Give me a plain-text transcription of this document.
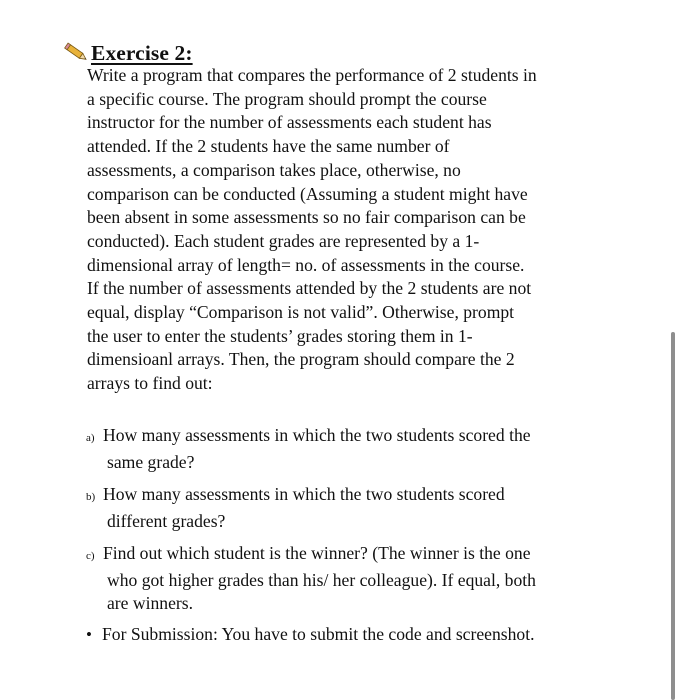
Exercise 2:
Write a program that compares the performance of 2 students in
a specific course. The program should prompt the course
instructor for the number of assessments each student has
attended. If the 2 students have the same number of
assessments, a comparison takes place, otherwise, no
comparison can be conducted (Assuming a student might have
been absent in some assessments so no fair comparison can be
conducted). Each student grades are represented by a 1-
dimensional array of length= no. of assessments in the course.
If the number of assessments attended by the 2 students are not
equal, display “Comparison is not valid”. Otherwise, prompt
the user to enter the students’ grades storing them in 1-
dimensioanl arrays. Then, the program should compare the 2
arrays to find out:
a) How many assessments in which the two students scored the
same grade?
b) How many assessments in which the two students scored
different grades?
c) Find out which student is the winner? (The winner is the one
who got higher grades than his/ her colleague). If equal, both
are winners.
• For Submission: You have to submit the code and screenshot.
